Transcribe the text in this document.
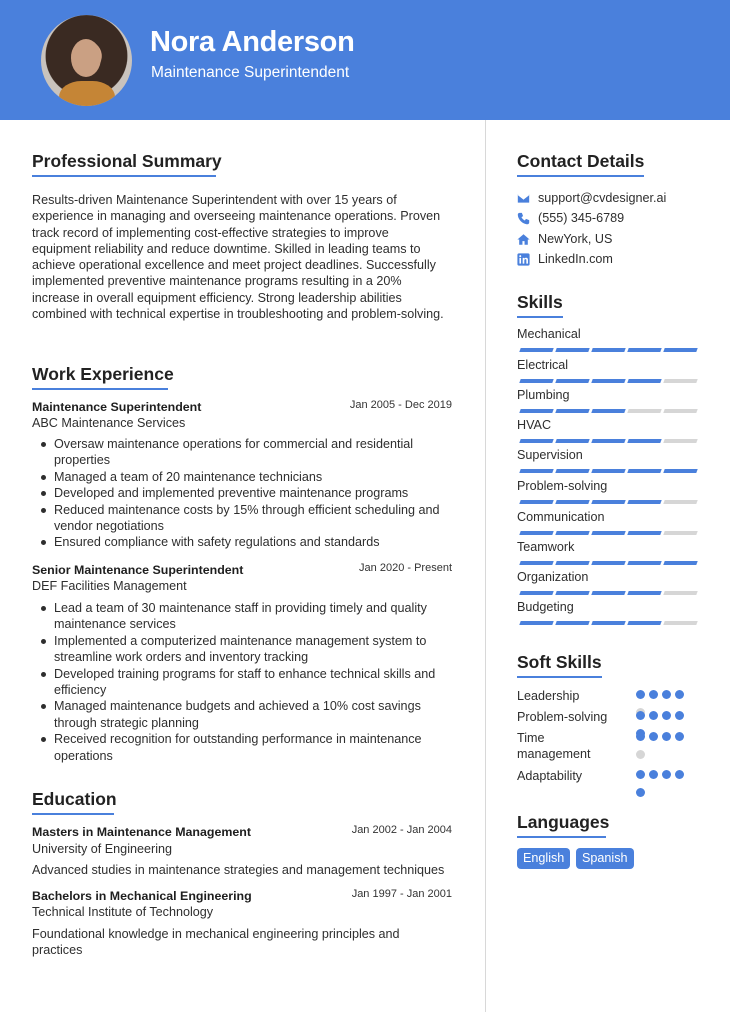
Nora Anderson
Maintenance Superintendent
Professional Summary
Results-driven Maintenance Superintendent with over 15 years of
experience in managing and overseeing maintenance operations. Proven
track record of implementing cost-effective strategies to improve
equipment reliability and reduce downtime. Skilled in leading teams to
achieve operational excellence and meet project deadlines. Successfully
implemented preventive maintenance programs resulting in a 20%
increase in overall equipment efficiency. Strong leadership abilities
combined with technical expertise in troubleshooting and problem-solving.
Work Experience
Maintenance Superintendent	Jan 2005 - Dec 2019
ABC Maintenance Services
Oversaw maintenance operations for commercial and residential
properties
Managed a team of 20 maintenance technicians
Developed and implemented preventive maintenance programs
Reduced maintenance costs by 15% through efficient scheduling and
vendor negotiations
Ensured compliance with safety regulations and standards
Senior Maintenance Superintendent	Jan 2020 - Present
DEF Facilities Management
Lead a team of 30 maintenance staff in providing timely and quality
maintenance services
Implemented a computerized maintenance management system to
streamline work orders and inventory tracking
Developed training programs for staff to enhance technical skills and
efficiency
Managed maintenance budgets and achieved a 10% cost savings
through strategic planning
Received recognition for outstanding performance in maintenance
operations
Education
Masters in Maintenance Management	Jan 2002 - Jan 2004
University of Engineering
Advanced studies in maintenance strategies and management techniques
Bachelors in Mechanical Engineering	Jan 1997 - Jan 2001
Technical Institute of Technology
Foundational knowledge in mechanical engineering principles and
practices
Contact Details
support@cvdesigner.ai
(555) 345-6789
NewYork, US
LinkedIn.com
Skills
Mechanical
Electrical
Plumbing
HVAC
Supervision
Problem-solving
Communication
Teamwork
Organization
Budgeting
Soft Skills
Leadership
Problem-solving
Time management
Adaptability
Languages
English	Spanish
